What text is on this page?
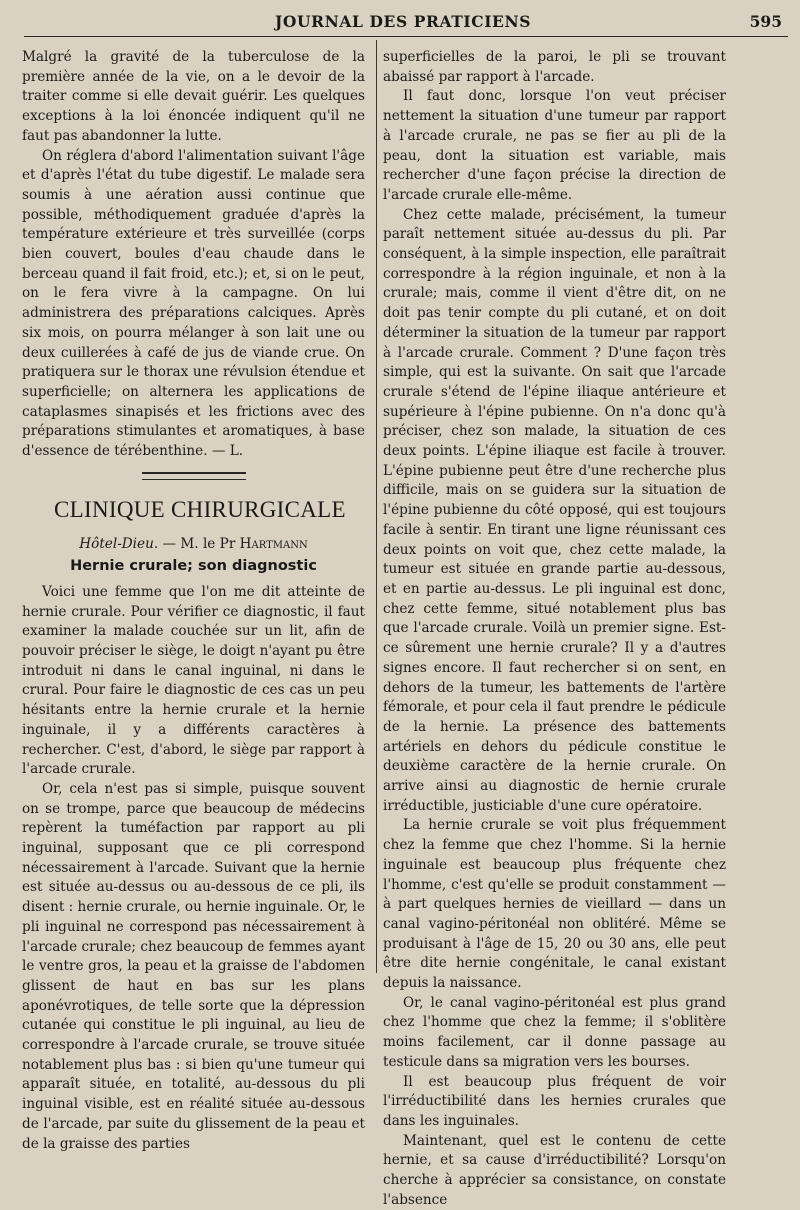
JOURNAL DES PRATICIENS	595

Malgré la gravité de la tuberculose de la première année de la vie, on a le devoir de la traiter comme si elle devait guérir. Les quelques exceptions à la loi énoncée indiquent qu'il ne faut pas abandonner la lutte.

On réglera d'abord l'alimentation suivant l'âge et d'après l'état du tube digestif. Le malade sera soumis à une aération aussi continue que possible, méthodiquement graduée d'après la température extérieure et très surveillée (corps bien couvert, boules d'eau chaude dans le berceau quand il fait froid, etc.); et, si on le peut, on le fera vivre à la campagne. On lui administrera des préparations calciques. Après six mois, on pourra mélanger à son lait une ou deux cuillerées à café de jus de viande crue. On pratiquera sur le thorax une révulsion étendue et superficielle; on alternera les applications de cataplasmes sinapisés et les frictions avec des préparations stimulantes et aromatiques, à base d'essence de térébenthine. — L.

CLINIQUE CHIRURGICALE
Hôtel-Dieu. — M. le Pr Hartmann
Hernie crurale; son diagnostic

Voici une femme que l'on me dit atteinte de hernie crurale. Pour vérifier ce diagnostic, il faut examiner la malade couchée sur un lit, afin de pouvoir préciser le siège, le doigt n'ayant pu être introduit ni dans le canal inguinal, ni dans le crural. Pour faire le diagnostic de ces cas un peu hésitants entre la hernie crurale et la hernie inguinale, il y a différents caractères à rechercher. C'est, d'abord, le siège par rapport à l'arcade crurale.

Or, cela n'est pas si simple, puisque souvent on se trompe, parce que beaucoup de médecins repèrent la tuméfaction par rapport au pli inguinal, supposant que ce pli correspond nécessairement à l'arcade. Suivant que la hernie est située au-dessus ou au-dessous de ce pli, ils disent : hernie crurale, ou hernie inguinale. Or, le pli inguinal ne correspond pas nécessairement à l'arcade crurale; chez beaucoup de femmes ayant le ventre gros, la peau et la graisse de l'abdomen glissent de haut en bas sur les plans aponévrotiques, de telle sorte que la dépression cutanée qui constitue le pli inguinal, au lieu de correspondre à l'arcade crurale, se trouve située notablement plus bas : si bien qu'une tumeur qui apparaît située, en totalité, au-dessous du pli inguinal visible, est en réalité située au-dessous de l'arcade, par suite du glissement de la peau et de la graisse des parties

superficielles de la paroi, le pli se trouvant abaissé par rapport à l'arcade.

Il faut donc, lorsque l'on veut préciser nettement la situation d'une tumeur par rapport à l'arcade crurale, ne pas se fier au pli de la peau, dont la situation est variable, mais rechercher d'une façon précise la direction de l'arcade crurale elle-même.

Chez cette malade, précisément, la tumeur paraît nettement située au-dessus du pli. Par conséquent, à la simple inspection, elle paraîtrait correspondre à la région inguinale, et non à la crurale; mais, comme il vient d'être dit, on ne doit pas tenir compte du pli cutané, et on doit déterminer la situation de la tumeur par rapport à l'arcade crurale. Comment ? D'une façon très simple, qui est la suivante. On sait que l'arcade crurale s'étend de l'épine iliaque antérieure et supérieure à l'épine pubienne. On n'a donc qu'à préciser, chez son malade, la situation de ces deux points. L'épine iliaque est facile à trouver. L'épine pubienne peut être d'une recherche plus difficile, mais on se guidera sur la situation de l'épine pubienne du côté opposé, qui est toujours facile à sentir. En tirant une ligne réunissant ces deux points on voit que, chez cette malade, la tumeur est située en grande partie au-dessous, et en partie au-dessus. Le pli inguinal est donc, chez cette femme, situé notablement plus bas que l'arcade crurale. Voilà un premier signe. Est-ce sûrement une hernie crurale? Il y a d'autres signes encore. Il faut rechercher si on sent, en dehors de la tumeur, les battements de l'artère fémorale, et pour cela il faut prendre le pédicule de la hernie. La présence des battements artériels en dehors du pédicule constitue le deuxième caractère de la hernie crurale. On arrive ainsi au diagnostic de hernie crurale irréductible, justiciable d'une cure opératoire.

La hernie crurale se voit plus fréquemment chez la femme que chez l'homme. Si la hernie inguinale est beaucoup plus fréquente chez l'homme, c'est qu'elle se produit constamment — à part quelques hernies de vieillard — dans un canal vagino-péritonéal non oblitéré. Même se produisant à l'âge de 15, 20 ou 30 ans, elle peut être dite hernie congénitale, le canal existant depuis la naissance.

Or, le canal vagino-péritonéal est plus grand chez l'homme que chez la femme; il s'oblitère moins facilement, car il donne passage au testicule dans sa migration vers les bourses.

Il est beaucoup plus fréquent de voir l'irréductibilité dans les hernies crurales que dans les inguinales.

Maintenant, quel est le contenu de cette hernie, et sa cause d'irréductibilité? Lorsqu'on cherche à apprécier sa consistance, on constate l'absence
